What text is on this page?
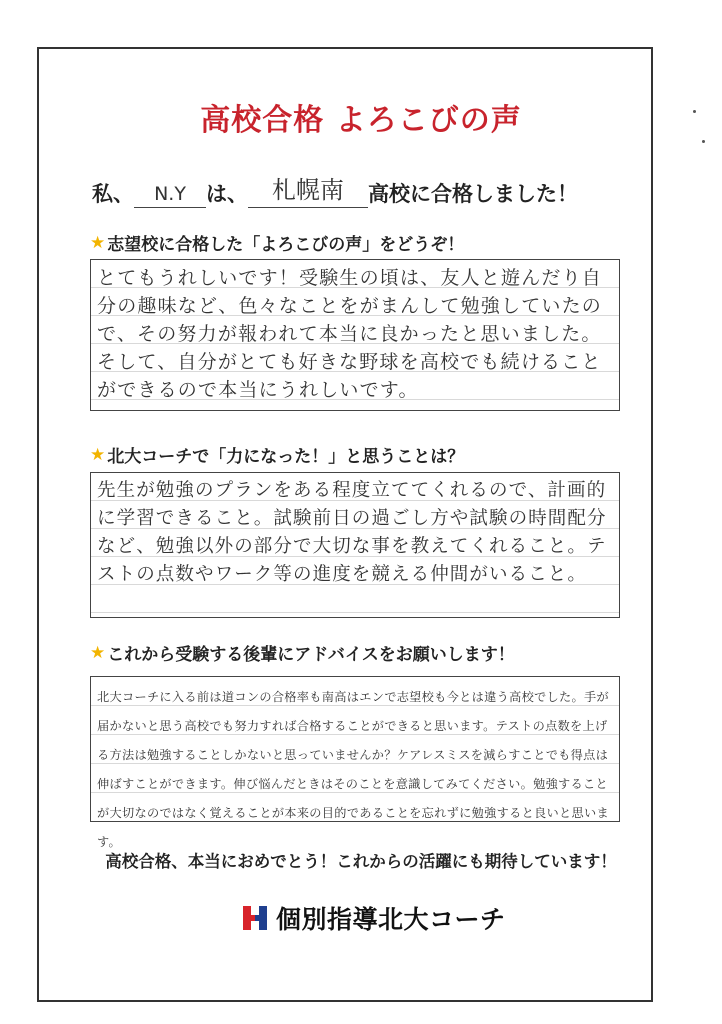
高校合格 よろこびの声
私、	N.Y は、	札幌南	高校に合格しました！
★ 志望校に合格した「よろこびの声」をどうぞ！

とてもうれしいです！受験生の頃は、友人と遊んだり自分の趣味など、色々なことをがまんして勉強していたので、その努力が報われて本当に良かったと思いました。そして、自分がとても好きな野球を高校でも続けることができるので本当にうれしいです。

★ 北大コーチで「力になった！」と思うことは？

先生が勉強のプランをある程度立ててくれるので、計画的に学習できること。試験前日の過ごし方や試験の時間配分など、勉強以外の部分で大切な事を教えてくれること。テストの点数やワーク等の進度を競える仲間がいること。

★ これから受験する後輩にアドバイスをお願いします！

北大コーチに入る前は道コンの合格率も南高はエンで志望校も今とは違う高校でした。手が届かないと思う高校でも努力すれば合格することができると思います。テストの点数を上げる方法は勉強することしかないと思っていませんか？ケアレスミスを減らすことでも得点は伸ばすことができます。伸び悩んだときはそのことを意識してみてください。勉強することが大切なのではなく覚えることが本来の目的であることを忘れずに勉強すると良いと思います。

高校合格、本当におめでとう！これからの活躍にも期待しています！
個別指導北大コーチ
